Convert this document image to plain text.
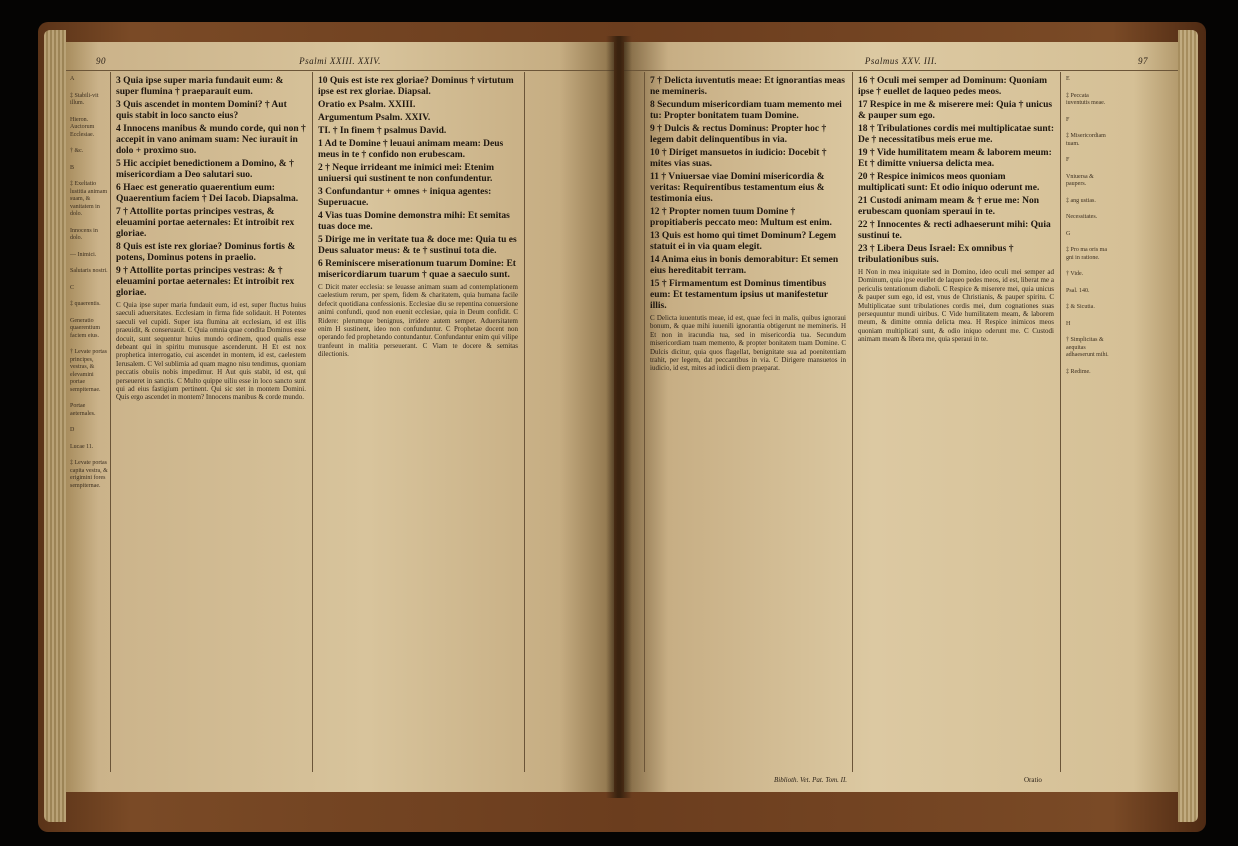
90	Psalmi XXIII. XXIV.
A
‡ Stabili-vit illum.
Hieron. Auctorum Ecclesiae.
† &c.
B
‡ Exeltatio lustitia animam suam, & vanitatem in dolo.
Innocens in dolo.
— Inimici.
Salutaris nostri.
C
‡ quaerentis.
Generatio quaerentium faciem eius.
† Levate portas principes, vestras, & elevamini portae sempiternae.
Portae aeternales.
D
Lucae 11.
‡ Levate portas capita vestra, & erigimini fores sempiternae.
3 Quia ipse super maria fundauit eum: & super flumina † praeparauit eum.
3 Quis ascendet in montem Domini? † Aut quis stabit in loco sancto eius?
4 Innocens manibus & mundo corde, qui non † accepit in vano animam suam: Nec iurauit in dolo + proximo suo.
5 Hic accipiet benedictionem a Domino, & † misericordiam a Deo salutari suo.
6 Haec est generatio quaerentium eum: Quaerentium faciem † Dei Iacob. Diapsalma.
7 † Attollite portas principes vestras, & eleuamini portae aeternales: Et introibit rex gloriae.
8 Quis est iste rex gloriae? Dominus fortis & potens, Dominus potens in praelio.
9 † Attollite portas principes vestras: & † eleuamini portae aeternales: Et introibit rex gloriae.

C Quia ipse super maria fundauit eum, id est, super fluctus huius saeculi aduersitates. Ecclesiam in firma fide solidauit. H Potentes saeculi vel cupidi. Super ista flumina ait ecclesiam, id est illis praeuidit, & conseruauit. C Quia omnia quae condita Dominus esse docuit, sunt sequentur huius mundo ordinem, quod qualis esse debeant qui in spiritu munusque ascenderunt. H Et est nox prophetica interrogatio, cui ascendet in montem, id est, caelestem Ierusalem. C Vel sublimia ad quam magno nisu tendimus, quoniam peccatis obuiis nobis impedimur. H Aut quis stabit, id est, qui perseueret in sanctis. C Multo quippe uiliu esse in loco sancto sunt qui ad eius fastigium pertinent. Qui sic stet in montem Domini. Quis ergo ascendet in montem? Innocens manibus & corde mundo.

10 Quis est iste rex gloriae? Dominus † virtutum ipse est rex gloriae. Diapsal.
Oratio ex Psalm. XXIII.
Argumentum Psalm. XXIV.
TI. † In finem † psalmus David.
1 Ad te Domine † leuaui animam meam: Deus meus in te † confido non erubescam.
2 † Neque irrideant me inimici mei: Etenim uniuersi qui sustinent te non confundentur.
3 Confundantur + omnes + iniqua agentes: Superuacue.
4 Vias tuas Domine demonstra mihi: Et semitas tuas doce me.
5 Dirige me in veritate tua & doce me: Quia tu es Deus saluator meus: & te † sustinui tota die.
6 Reminiscere miserationum tuarum Domine: Et misericordiarum tuarum † quae a saeculo sunt.

C Dicit mater ecclesia: se leuasse animam suam ad contemplationem caelestium rerum, per spem, fidem & charitatem, quia humana facile defecit quotidiana confessionis. Ecclesiae diu se repentina conuersione animi confundi, quod non euenit ecclesiae, quia in Deum confidit. C Ridere: plerumque benignus, irridere autem semper. Aduersitatem enim H sustinent, ideo non confunduntur. C Prophetae docent non operando fed prophetando contundantur. Confundantur enim qui vilipe tranfeunt in malitia perseuerant. C Viam te docere & semitas dilectionis.

Psalmus XXV. III.	97
7 † Delicta iuventutis meae: Et ignorantias meas ne memineris.
8 Secundum misericordiam tuam memento mei tu: Propter bonitatem tuam Domine.
9 † Dulcis & rectus Dominus: Propter hoc † legem dabit delinquentibus in via.
10 † Diriget mansuetos in iudicio: Docebit † mites vias suas.
11 † Vniuersae viae Domini misericordia & veritas: Requirentibus testamentum eius & testimonia eius.
12 † Propter nomen tuum Domine † propitiaberis peccato meo: Multum est enim.
13 Quis est homo qui timet Dominum? Legem statuit ei in via quam elegit.
14 Anima eius in bonis demorabitur: Et semen eius hereditabit terram.
15 † Firmamentum est Dominus timentibus eum: Et testamentum ipsius ut manifestetur illis.

C Delicta iuuentutis meae, id est, quae feci in malis, quibus ignoraui bonum, & quae mihi iuuenili ignorantia obtigerunt ne memineris. H Et non in iracundia tua, sed in misericordia tua. Secundum misericordiam tuam memento, & propter bonitatem tuam Domine. C Dulcis dicitur, quia quos flagellat, benignitate sua ad poenitentiam trahit, per legem, dat peccantibus in via. C Dirigere mansuetos in iudicio, id est, mites ad iudicii diem praeparat.

16 † Oculi mei semper ad Dominum: Quoniam ipse † euellet de laqueo pedes meos.
17 Respice in me & miserere mei: Quia † unicus & pauper sum ego.
18 † Tribulationes cordis mei multiplicatae sunt: De † necessitatibus meis erue me.
19 † Vide humilitatem meam & laborem meum: Et † dimitte vniuersa delicta mea.
20 † Respice inimicos meos quoniam multiplicati sunt: Et odio iniquo oderunt me.
21 Custodi animam meam & † erue me: Non erubescam quoniam speraui in te.
22 † Innocentes & recti adhaeserunt mihi: Quia sustinui te.
23 † Libera Deus Israel: Ex omnibus † tribulationibus suis.

H Non in mea iniquitate sed in Domino, ideo oculi mei semper ad Dominum, quia ipse euellet de laqueo pedes meos, id est, liberat me a periculis tentationum diaboli. C Respice & miserere mei, quia unicus & pauper sum ego, id est, vnus de Christianis, & pauper spiritu. C Multiplicatae sunt tribulationes cordis mei, dum cognationes suas persequuntur mundi uiribus. C Vide humilitatem meam, & laborem meum, & dimitte omnia delicta mea. H Respice inimicos meos quoniam multiplicati sunt, & odio iniquo oderunt me. C Custodi animam meam & libera me, quia speraui in te.

E
‡ Peccata iuventutis meae.
F
‡ Misericordiam tuam.
F
Vniuersa & paupers.
‡ ang ustias.
Necessitates.
G
‡ Pro ma oris ma gni in ratione.
† Vide.
Psal. 140.
‡ & Sicutia.
H
† Simplicitas & aequitas adhaeserunt mihi.
‡ Redime.
Biblioth. Vet. Pat. Tom. II.	Oratio
